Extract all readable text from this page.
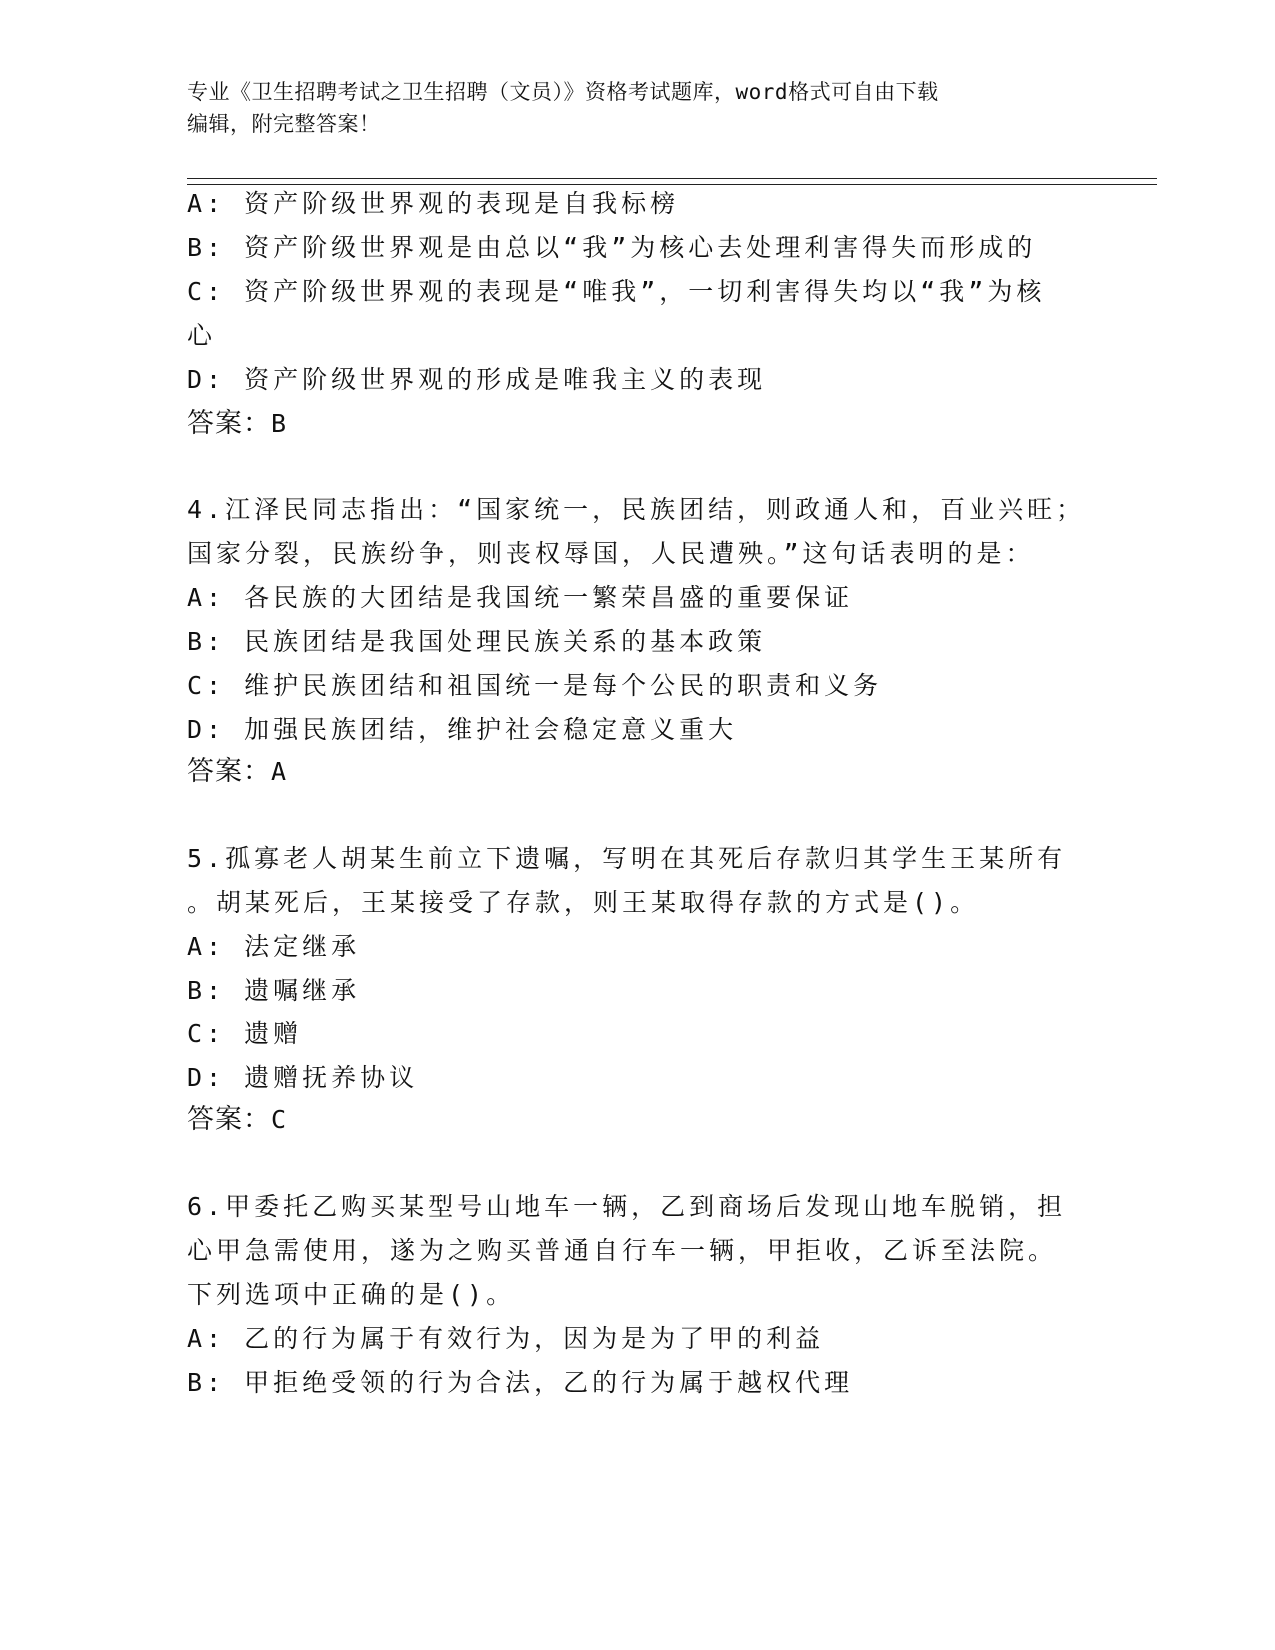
专业《卫生招聘考试之卫生招聘（文员）》资格考试题库，word格式可自由下载
编辑，附完整答案！
A: 资产阶级世界观的表现是自我标榜
B: 资产阶级世界观是由总以“我”为核心去处理利害得失而形成的
C: 资产阶级世界观的表现是“唯我”，一切利害得失均以“我”为核
心
D: 资产阶级世界观的形成是唯我主义的表现
答案：B
4.江泽民同志指出：“国家统一，民族团结，则政通人和，百业兴旺；
国家分裂，民族纷争，则丧权辱国，人民遭殃。”这句话表明的是：
A: 各民族的大团结是我国统一繁荣昌盛的重要保证
B: 民族团结是我国处理民族关系的基本政策
C: 维护民族团结和祖国统一是每个公民的职责和义务
D: 加强民族团结，维护社会稳定意义重大
答案：A
5.孤寡老人胡某生前立下遗嘱，写明在其死后存款归其学生王某所有
。胡某死后，王某接受了存款，则王某取得存款的方式是()。
A: 法定继承
B: 遗嘱继承
C: 遗赠
D: 遗赠抚养协议
答案：C
6.甲委托乙购买某型号山地车一辆，乙到商场后发现山地车脱销，担
心甲急需使用，遂为之购买普通自行车一辆，甲拒收，乙诉至法院。
下列选项中正确的是()。
A: 乙的行为属于有效行为，因为是为了甲的利益
B: 甲拒绝受领的行为合法，乙的行为属于越权代理
